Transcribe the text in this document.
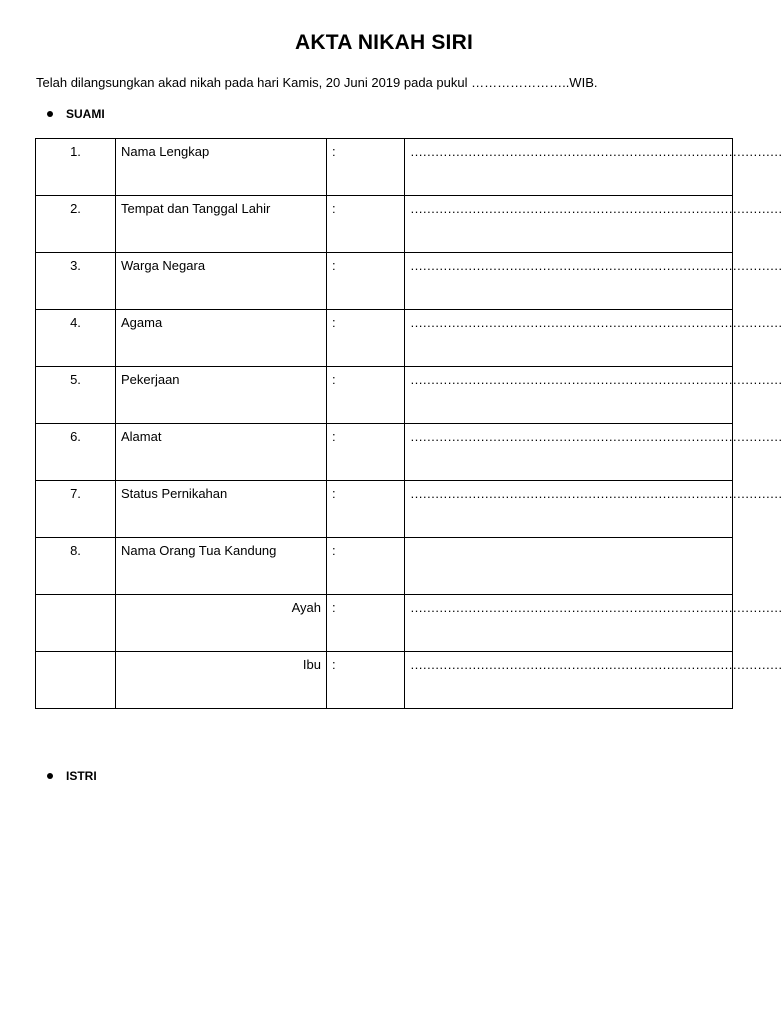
AKTA NIKAH SIRI
Telah dilangsungkan akad nikah pada hari Kamis, 20 Juni 2019 pada pukul …………………..WIB.
SUAMI
1.	Nama Lengkap	:	………………………………………………………………………………

2.	Tempat dan Tanggal Lahir	:	………………………………………………………………………………

3.	Warga Negara	:	………………………………………………………………………………

4.	Agama	:	………………………………………………………………………………

5.	Pekerjaan	:	………………………………………………………………………………

6.	Alamat	:	………………………………………………………………………………

7.	Status Pernikahan	:	………………………………………………………………………………

8.	Nama Orang Tua Kandung	:	

	Ayah	:	………………………………………………………………………………

	Ibu	:	………………………………………………………………………………
ISTRI
